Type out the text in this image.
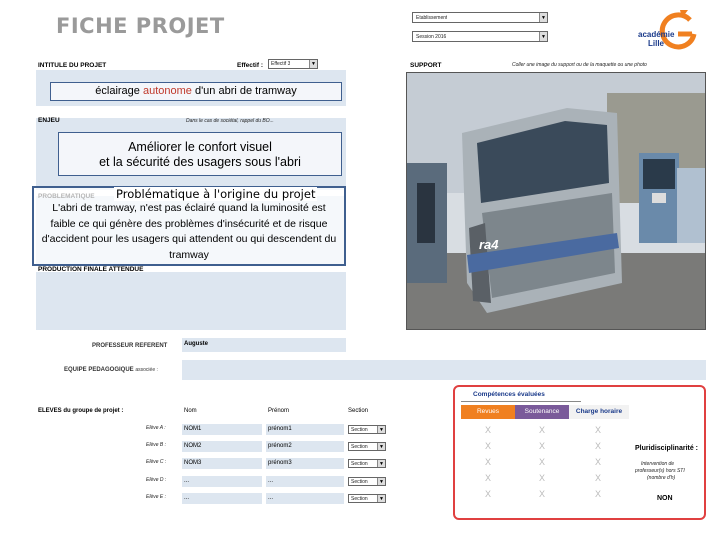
FICHE PROJET	Établissement	▼
Session 2016	▼	académie
Lille
INTITULE DU PROJET	Effectif :	Effectif 3	▼
éclairage autonome d'un abri de tramway
ENJEU	Dans le cas de sociétal, rappel du BO...
Améliorer le confort visuel
et la sécurité des usagers sous l'abri
Problématique à l'origine du projet
L'abri de tramway, n'est pas éclairé quand la luminosité est faible ce qui génère des problèmes d'insécurité et de risque d'accident pour les usagers qui attendent ou qui descendent du tramway
PRODUCTION FINALE ATTENDUE
PROFESSEUR REFERENT	Auguste
EQUIPE PEDAGOGIQUE associée :
SUPPORT	Coller une image du support ou de la maquette ou une photo
ra4
ELEVES du groupe de projet :	Nom	Prénom	Section
Élève A :	NOM1	prénom1	Section	▼
Élève B :	NOM2	prénom2	Section	▼
Élève C :	NOM3	prénom3	Section	▼
Élève D :	...	...	Section	▼
Élève E :	...	...	Section	▼
Compétences évaluées
Revues	Soutenance	Charge horaire
X	X	X
X	X	X
X	X	X
X	X	X
X	X	X
Pluridisciplinarité :
Intervention de
professeur(s) hors STI
(nombre d'h)
NON
